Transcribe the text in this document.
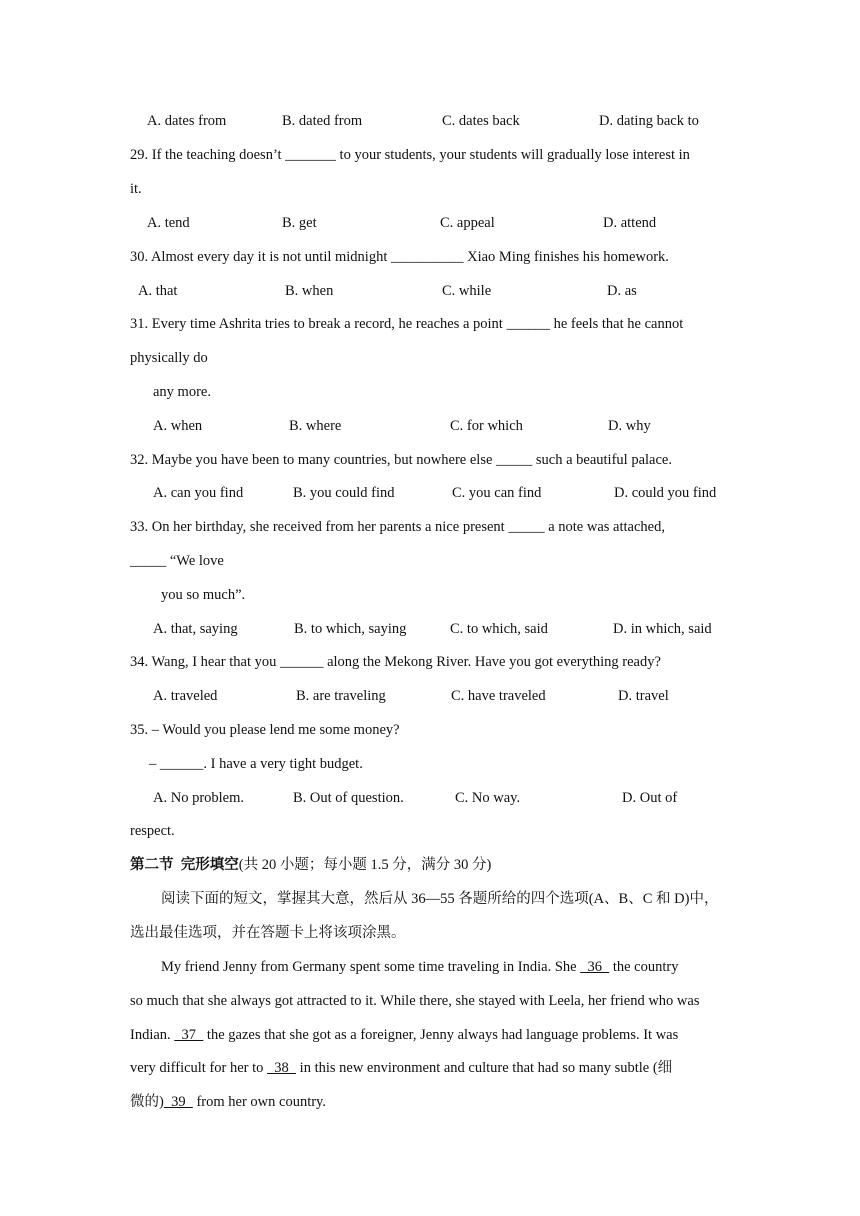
A. dates from	B. dated from	C. dates back	D. dating back to
29. If the teaching doesn’t _______ to your students, your students will gradually lose interest in
it.
A. tend	B. get	C. appeal	D. attend
30. Almost every day it is not until midnight __________ Xiao Ming finishes his homework.
A. that	B. when	C. while	D. as
31. Every time Ashrita tries to break a record, he reaches a point ______ he feels that he cannot
physically do
any more.
A. when	B. where	C. for which	D. why
32. Maybe you have been to many countries, but nowhere else _____ such a beautiful palace.
A. can you find	B. you could find	C. you can find	D. could you find
33. On her birthday, she received from her parents a nice present _____ a note was attached,
_____ “We love
you so much”.
A. that, saying	B. to which, saying	C. to which, said	D. in which, said
34. Wang, I hear that you ______ along the Mekong River. Have you got everything ready?
A. traveled	B. are traveling	C. have traveled	D. travel
35. – Would you please lend me some money?
– ______. I have a very tight budget.
A. No problem.	B. Out of question.	C. No way.	D. Out of
respect.
第二节  完形填空(共 20 小题；每小题 1.5 分，满分 30 分)
阅读下面的短文，掌握其大意，然后从 36—55 各题所给的四个选项(A、B、C 和 D)中，
选出最佳选项，并在答题卡上将该项涂黑。
My friend Jenny from Germany spent some time traveling in India. She   36   the country
so much that she always got attracted to it. While there, she stayed with Leela, her friend who was
Indian.   37   the gazes that she got as a foreigner, Jenny always had language problems. It was
very difficult for her to   38   in this new environment and culture that had so many subtle (细
微的)  39   from her own country.
